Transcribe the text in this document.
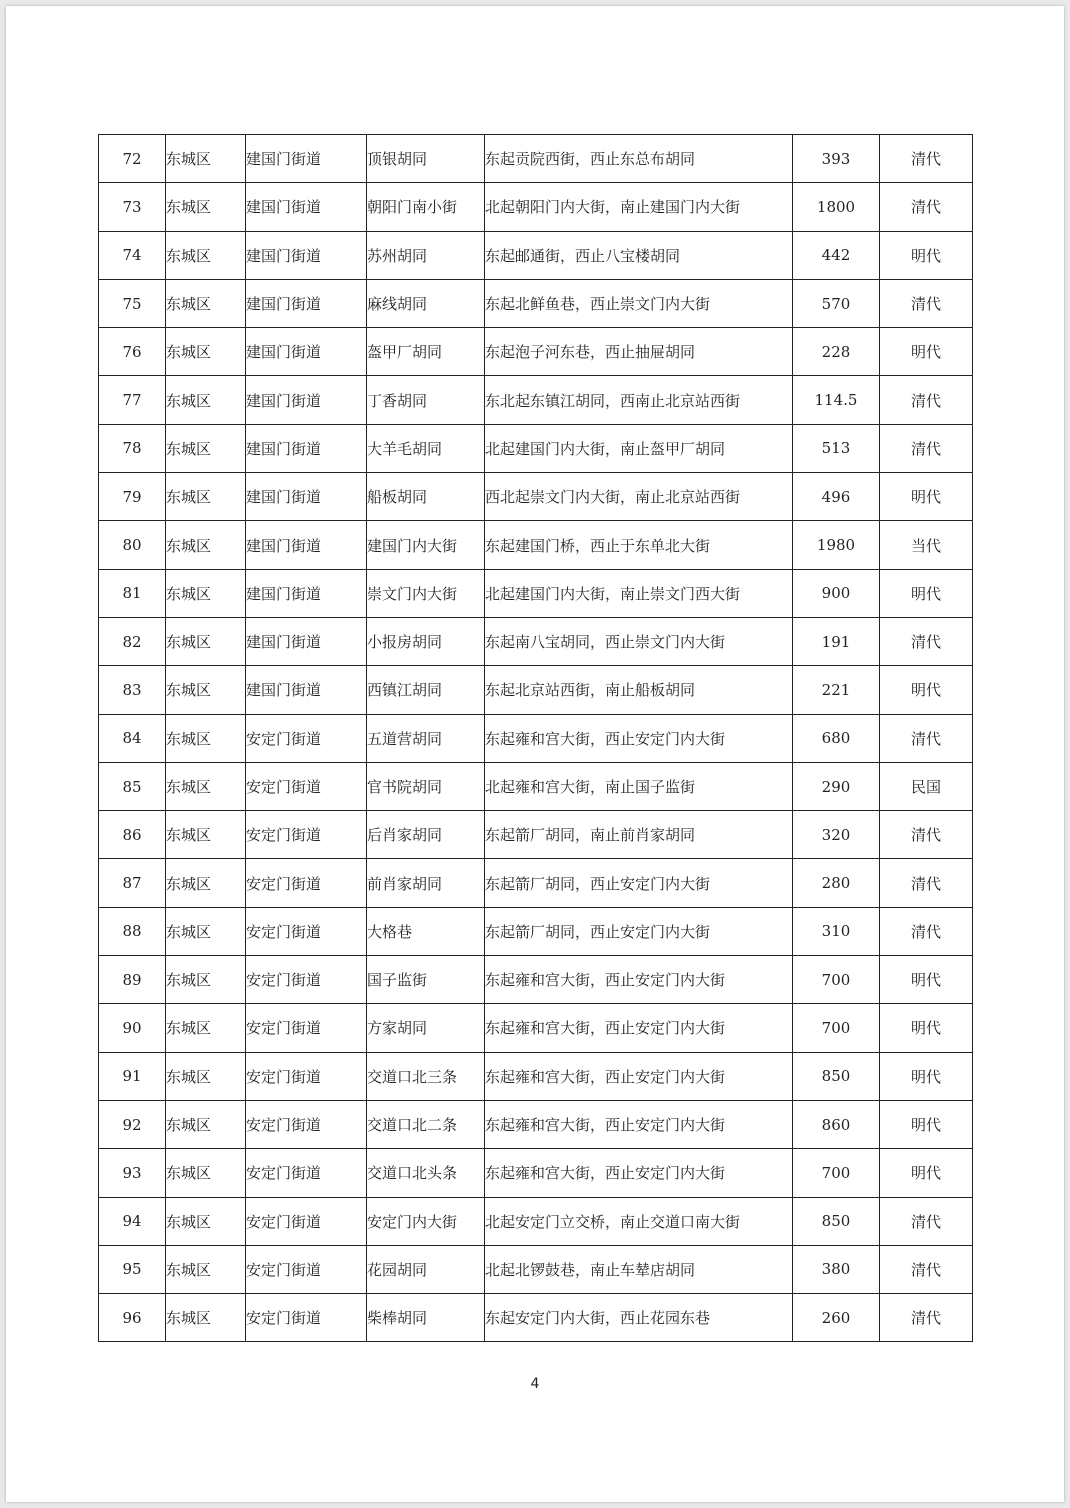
72	东城区	建国门街道	顶银胡同	东起贡院西街，西止东总布胡同	393	清代
73	东城区	建国门街道	朝阳门南小街	北起朝阳门内大街，南止建国门内大街	1800	清代
74	东城区	建国门街道	苏州胡同	东起邮通街，西止八宝楼胡同	442	明代
75	东城区	建国门街道	麻线胡同	东起北鲜鱼巷，西止崇文门内大街	570	清代
76	东城区	建国门街道	盔甲厂胡同	东起泡子河东巷，西止抽屉胡同	228	明代
77	东城区	建国门街道	丁香胡同	东北起东镇江胡同，西南止北京站西街	114.5	清代
78	东城区	建国门街道	大羊毛胡同	北起建国门内大街，南止盔甲厂胡同	513	清代
79	东城区	建国门街道	船板胡同	西北起崇文门内大街，南止北京站西街	496	明代
80	东城区	建国门街道	建国门内大街	东起建国门桥，西止于东单北大街	1980	当代
81	东城区	建国门街道	崇文门内大街	北起建国门内大街，南止崇文门西大街	900	明代
82	东城区	建国门街道	小报房胡同	东起南八宝胡同，西止崇文门内大街	191	清代
83	东城区	建国门街道	西镇江胡同	东起北京站西街，南止船板胡同	221	明代
84	东城区	安定门街道	五道营胡同	东起雍和宫大街，西止安定门内大街	680	清代
85	东城区	安定门街道	官书院胡同	北起雍和宫大街，南止国子监街	290	民国
86	东城区	安定门街道	后肖家胡同	东起箭厂胡同，南止前肖家胡同	320	清代
87	东城区	安定门街道	前肖家胡同	东起箭厂胡同，西止安定门内大街	280	清代
88	东城区	安定门街道	大格巷	东起箭厂胡同，西止安定门内大街	310	清代
89	东城区	安定门街道	国子监街	东起雍和宫大街，西止安定门内大街	700	明代
90	东城区	安定门街道	方家胡同	东起雍和宫大街，西止安定门内大街	700	明代
91	东城区	安定门街道	交道口北三条	东起雍和宫大街，西止安定门内大街	850	明代
92	东城区	安定门街道	交道口北二条	东起雍和宫大街，西止安定门内大街	860	明代
93	东城区	安定门街道	交道口北头条	东起雍和宫大街，西止安定门内大街	700	明代
94	东城区	安定门街道	安定门内大街	北起安定门立交桥，南止交道口南大街	850	清代
95	东城区	安定门街道	花园胡同	北起北锣鼓巷，南止车辇店胡同	380	清代
96	东城区	安定门街道	柴棒胡同	东起安定门内大街，西止花园东巷	260	清代
4
